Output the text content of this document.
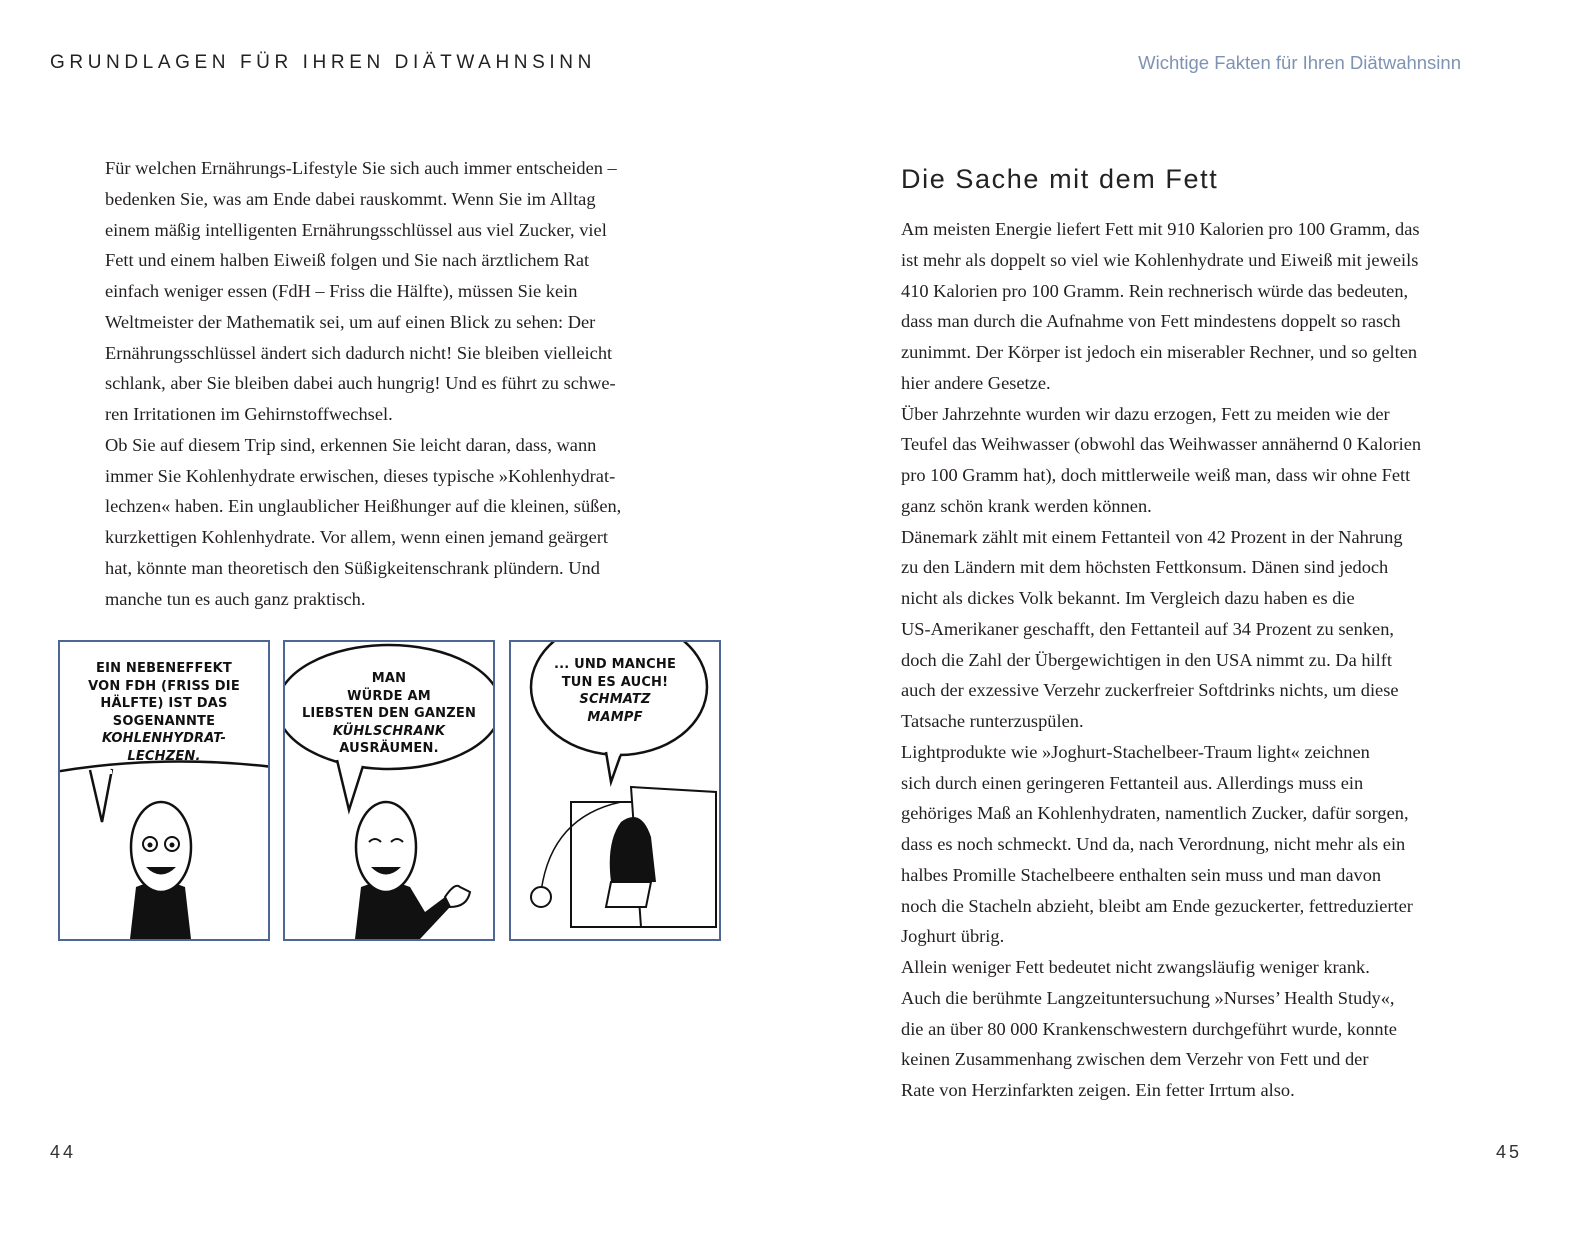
GRUNDLAGEN FÜR IHREN DIÄTWAHNSINN	Wichtige Fakten für Ihren Diätwahnsinn
Für welchen Ernährungs-Lifestyle Sie sich auch immer entscheiden –
bedenken Sie, was am Ende dabei rauskommt. Wenn Sie im Alltag
einem mäßig intelligenten Ernährungsschlüssel aus viel Zucker, viel
Fett und einem halben Eiweiß folgen und Sie nach ärztlichem Rat
einfach weniger essen (FdH – Friss die Hälfte), müssen Sie kein
Weltmeister der Mathematik sei, um auf einen Blick zu sehen: Der
Ernährungsschlüssel ändert sich dadurch nicht! Sie bleiben vielleicht
schlank, aber Sie bleiben dabei auch hungrig! Und es führt zu schwe-
ren Irritationen im Gehirnstoffwechsel.
Ob Sie auf diesem Trip sind, erkennen Sie leicht daran, dass, wann
immer Sie Kohlenhydrate erwischen, dieses typische »Kohlenhydrat-
lechzen« haben. Ein unglaublicher Heißhunger auf die kleinen, süßen,
kurzkettigen Kohlenhydrate. Vor allem, wenn einen jemand geärgert
hat, könnte man theoretisch den Süßigkeitenschrank plündern. Und
manche tun es auch ganz praktisch.
Die Sache mit dem Fett
Am meisten Energie liefert Fett mit 910 Kalorien pro 100 Gramm, das
ist mehr als doppelt so viel wie Kohlenhydrate und Eiweiß mit jeweils
410 Kalorien pro 100 Gramm. Rein rechnerisch würde das bedeuten,
dass man durch die Aufnahme von Fett mindestens doppelt so rasch
zunimmt. Der Körper ist jedoch ein miserabler Rechner, und so gelten
hier andere Gesetze.
Über Jahrzehnte wurden wir dazu erzogen, Fett zu meiden wie der
Teufel das Weihwasser (obwohl das Weihwasser annähernd 0 Kalorien
pro 100 Gramm hat), doch mittlerweile weiß man, dass wir ohne Fett
ganz schön krank werden können.
Dänemark zählt mit einem Fettanteil von 42 Prozent in der Nahrung
zu den Ländern mit dem höchsten Fettkonsum. Dänen sind jedoch
nicht als dickes Volk bekannt. Im Vergleich dazu haben es die
US-Amerikaner geschafft, den Fettanteil auf 34 Prozent zu senken,
doch die Zahl der Übergewichtigen in den USA nimmt zu. Da hilft
auch der exzessive Verzehr zuckerfreier Softdrinks nichts, um diese
Tatsache runterzuspülen.
Lightprodukte wie »Joghurt-Stachelbeer-Traum light« zeichnen
sich durch einen geringeren Fettanteil aus. Allerdings muss ein
gehöriges Maß an Kohlenhydraten, namentlich Zucker, dafür sorgen,
dass es noch schmeckt. Und da, nach Verordnung, nicht mehr als ein
halbes Promille Stachelbeere enthalten sein muss und man davon
noch die Stacheln abzieht, bleibt am Ende gezuckerter, fettreduzierter
Joghurt übrig.
Allein weniger Fett bedeutet nicht zwangsläufig weniger krank.
Auch die berühmte Langzeituntersuchung »Nurses’ Health Study«,
die an über 80 000 Krankenschwestern durchgeführt wurde, konnte
keinen Zusammenhang zwischen dem Verzehr von Fett und der
Rate von Herzinfarkten zeigen. Ein fetter Irrtum also.
EIN NEBENEFFEKT
VON FDH (FRISS DIE
HÄLFTE) IST DAS
SOGENANNTE
KOHLENHYDRAT-
LECHZEN.
MAN
WÜRDE AM
LIEBSTEN DEN GANZEN
KÜHLSCHRANK
AUSRÄUMEN.
... UND MANCHE
TUN ES AUCH!
SCHMATZ
MAMPF
44	45
